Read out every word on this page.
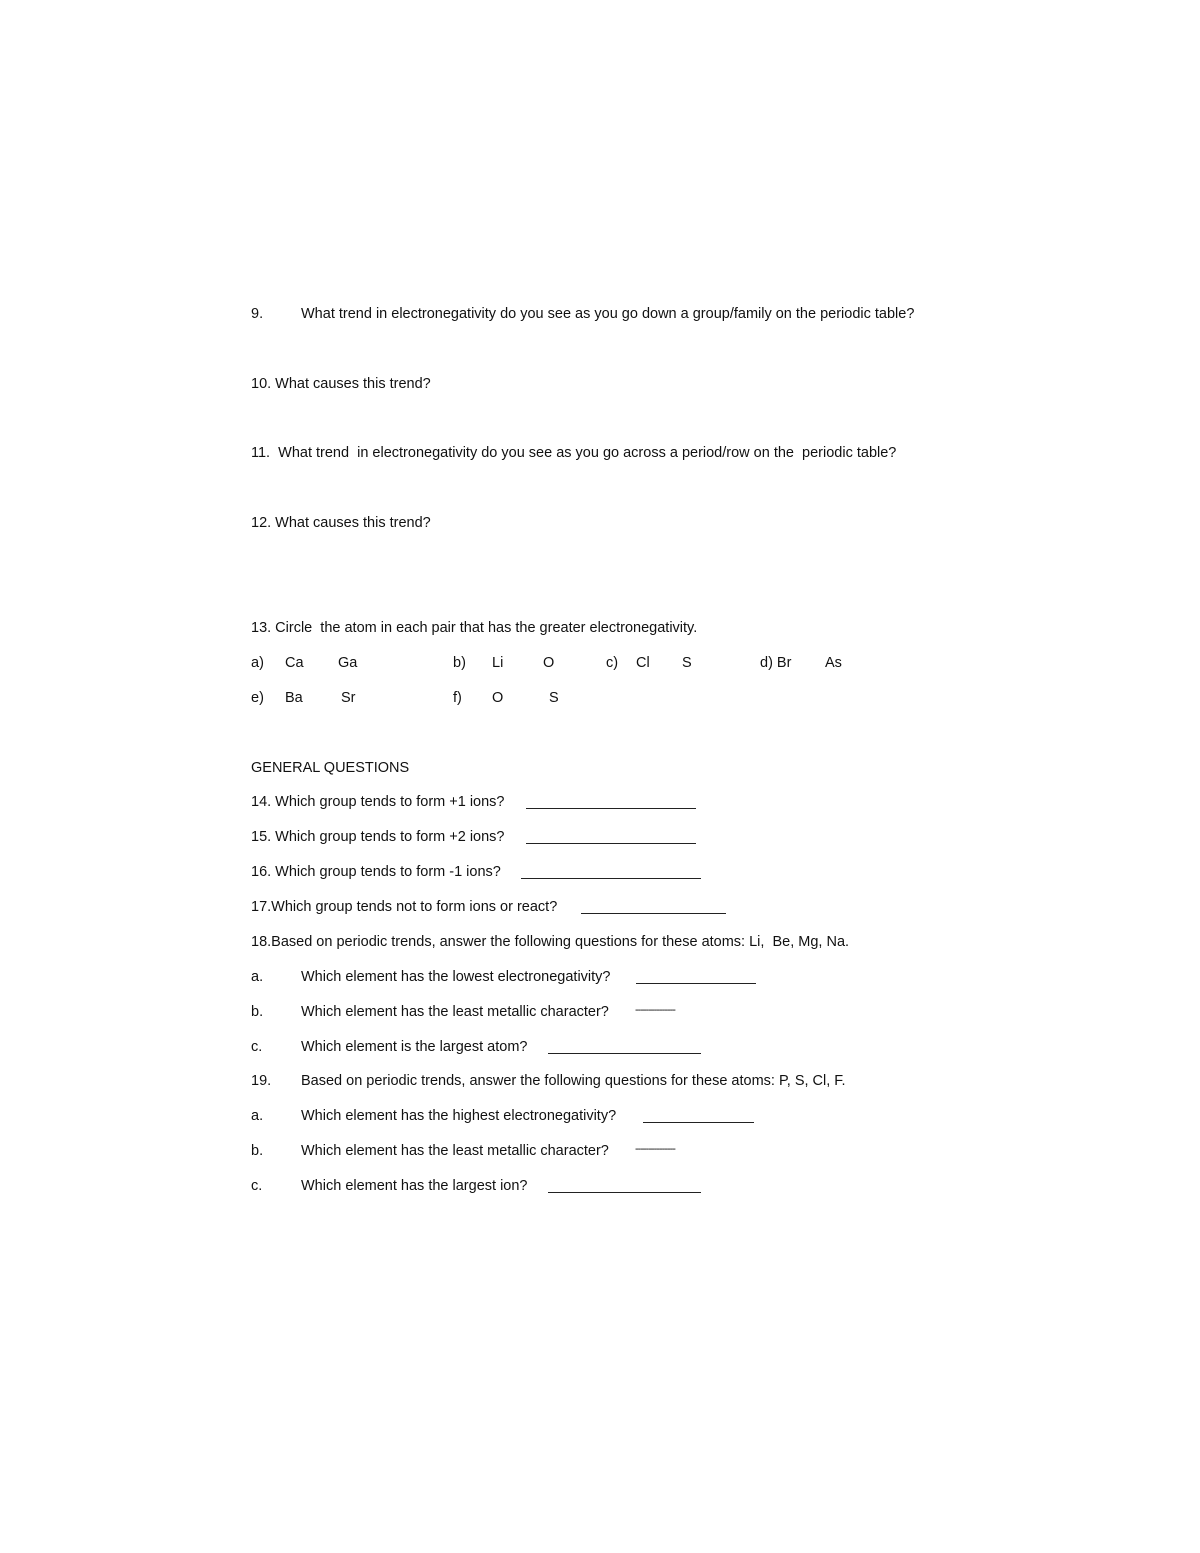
9.	What trend in electronegativity do you see as you go down a group/family on the periodic table?
10. What causes this trend?
11.  What trend  in electronegativity do you see as you go across a period/row on the  periodic table?
12. What causes this trend?
13. Circle  the atom in each pair that has the greater electronegativity.
a) Ca Ga	b) Li	O	c) Cl S	d) Br As
e) Ba	Sr	f) O	S
GENERAL QUESTIONS
14. Which group tends to form +1 ions?
15. Which group tends to form +2 ions?
16. Which group tends to form -1 ions?
17.Which group tends not to form ions or react?
18.Based on periodic trends, answer the following questions for these atoms: Li,  Be, Mg, Na.
a.	Which element has the lowest electronegativity?
b.	Which element has the least metallic character? ---------------
c.	Which element is the largest atom?
19. Based on periodic trends, answer the following questions for these atoms: P, S, Cl, F.
a.	Which element has the highest electronegativity?
b.	Which element has the least metallic character? ---------------
c.	Which element has the largest ion?
